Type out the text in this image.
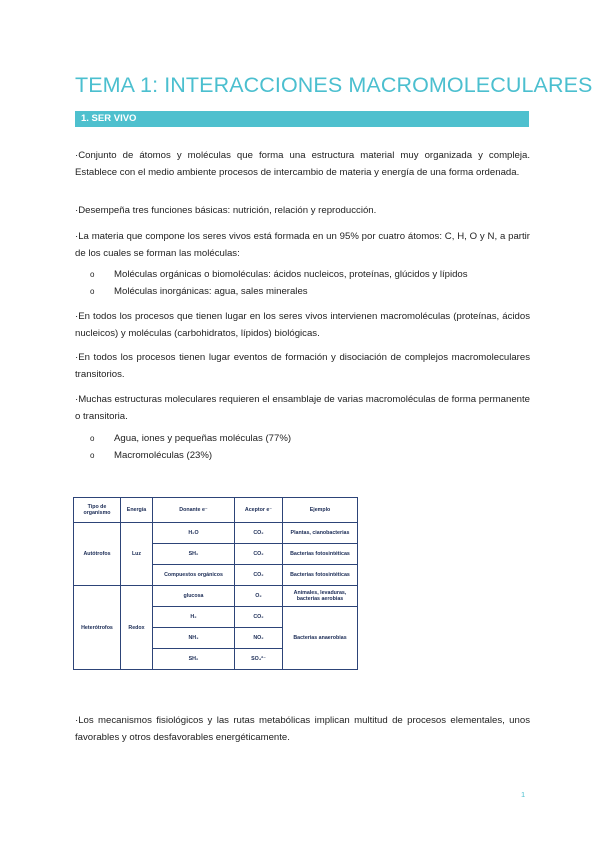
TEMA 1: INTERACCIONES MACROMOLECULARES
1. SER VIVO
·Conjunto de átomos y moléculas que forma una estructura material muy organizada y compleja. Establece con el medio ambiente procesos de intercambio de materia y energía de una forma ordenada.
·Desempeña tres funciones básicas: nutrición, relación y reproducción.
·La materia que compone los seres vivos está formada en un 95% por cuatro átomos: C, H, O y N, a partir de los cuales se forman las moléculas:
o	Moléculas orgánicas o biomoléculas: ácidos nucleicos, proteínas, glúcidos y lípidos
o	Moléculas inorgánicas: agua, sales minerales
·En todos los procesos que tienen lugar en los seres vivos intervienen macromoléculas (proteínas, ácidos nucleicos) y moléculas (carbohidratos, lípidos) biológicas.
·En todos los procesos tienen lugar eventos de formación y disociación de complejos macromoleculares transitorios.
·Muchas estructuras moleculares requieren el ensamblaje de varias macromoléculas de forma permanente o transitoria.
o	Agua, iones y pequeñas moléculas (77%)
o	Macromoléculas (23%)
Tipo de organismo	Energía	Donante e⁻	Aceptor e⁻	Ejemplo
Autótrofos	Luz	H₂O	CO₂	Plantas, cianobacterias
		SH₂	CO₂	Bacterias fotosintéticas
		Compuestos orgánicos	CO₂	Bacterias fotosintéticas
Heterótrofos	Redox	glucosa	O₂	Animales, levaduras, bacterias aerobias
		H₂	CO₂	Bacterias anaerobias
		NH₃	NO₂	
		SH₂	SO₄²⁻	
·Los mecanismos fisiológicos y las rutas metabólicas implican multitud de procesos elementales, unos favorables y otros desfavorables energéticamente.
1
